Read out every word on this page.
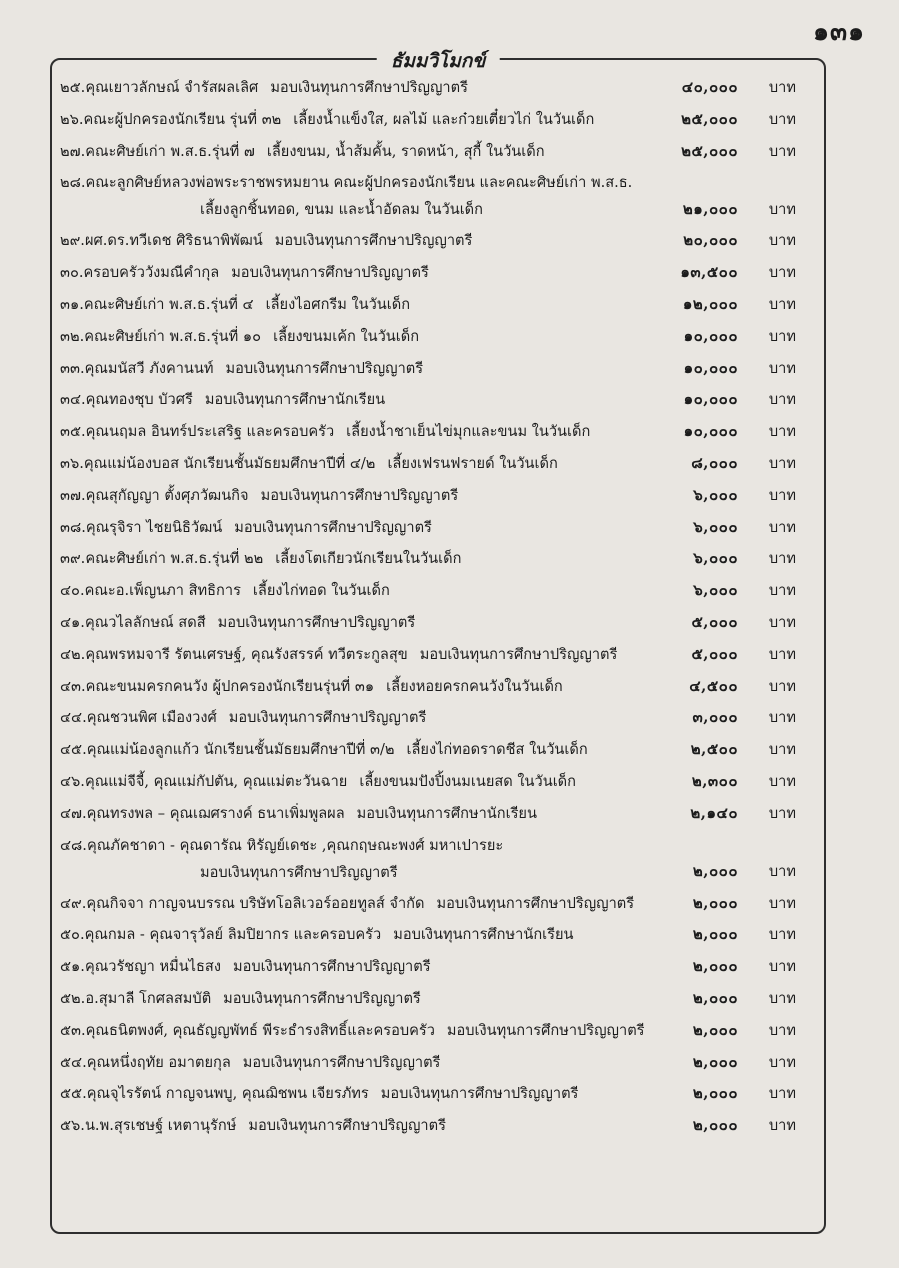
๑๓๑
ธัมมวิโมกข์
๒๕.คุณเยาวลักษณ์ จำรัสผลเลิศ มอบเงินทุนการศึกษาปริญญาตรี	๔๐,๐๐๐ บาท
๒๖.คณะผู้ปกครองนักเรียน รุ่นที่ ๓๒ เลี้ยงน้ำแข็งใส, ผลไม้ และก๋วยเตี๋ยวไก่ ในวันเด็ก	๒๕,๐๐๐ บาท
๒๗.คณะศิษย์เก่า พ.ส.ธ.รุ่นที่ ๗ เลี้ยงขนม, น้ำส้มคั้น, ราดหน้า, สุกี้ ในวันเด็ก	๒๕,๐๐๐ บาท
๒๘.คณะลูกศิษย์หลวงพ่อพระราชพรหมยาน คณะผู้ปกครองนักเรียน และคณะศิษย์เก่า พ.ส.ธ.
เลี้ยงลูกชิ้นทอด, ขนม และน้ำอัดลม ในวันเด็ก	๒๑,๐๐๐ บาท
๒๙.ผศ.ดร.ทวีเดช ศิริธนาพิพัฒน์ มอบเงินทุนการศึกษาปริญญาตรี	๒๐,๐๐๐ บาท
๓๐.ครอบครัววังมณีคำกุล มอบเงินทุนการศึกษาปริญญาตรี	๑๓,๕๐๐ บาท
๓๑.คณะศิษย์เก่า พ.ส.ธ.รุ่นที่ ๔ เลี้ยงไอศกรีม ในวันเด็ก	๑๒,๐๐๐ บาท
๓๒.คณะศิษย์เก่า พ.ส.ธ.รุ่นที่ ๑๐ เลี้ยงขนมเค้ก ในวันเด็ก	๑๐,๐๐๐ บาท
๓๓.คุณมนัสวี ภังคานนท์ มอบเงินทุนการศึกษาปริญญาตรี	๑๐,๐๐๐ บาท
๓๔.คุณทองชุบ บัวศรี มอบเงินทุนการศึกษานักเรียน	๑๐,๐๐๐ บาท
๓๕.คุณนฤมล อินทร์ประเสริฐ และครอบครัว เลี้ยงน้ำชาเย็นไข่มุกและขนม ในวันเด็ก	๑๐,๐๐๐ บาท
๓๖.คุณแม่น้องบอส นักเรียนชั้นมัธยมศึกษาปีที่ ๔/๒ เลี้ยงเฟรนฟรายด์ ในวันเด็ก	๘,๐๐๐ บาท
๓๗.คุณสุกัญญา ตั้งศุภวัฒนกิจ มอบเงินทุนการศึกษาปริญญาตรี	๖,๐๐๐ บาท
๓๘.คุณรุจิรา ไชยนิธิวัฒน์ มอบเงินทุนการศึกษาปริญญาตรี	๖,๐๐๐ บาท
๓๙.คณะศิษย์เก่า พ.ส.ธ.รุ่นที่ ๒๒ เลี้ยงโตเกียวนักเรียนในวันเด็ก	๖,๐๐๐ บาท
๔๐.คณะอ.เพ็ญนภา สิทธิการ เลี้ยงไก่ทอด ในวันเด็ก	๖,๐๐๐ บาท
๔๑.คุณวไลลักษณ์ สดสี มอบเงินทุนการศึกษาปริญญาตรี	๕,๐๐๐ บาท
๔๒.คุณพรหมจารี รัตนเศรษฐ์, คุณรังสรรค์ ทวีตระกูลสุข มอบเงินทุนการศึกษาปริญญาตรี	๕,๐๐๐ บาท
๔๓.คณะขนมครกคนวัง ผู้ปกครองนักเรียนรุ่นที่ ๓๑ เลี้ยงหอยครกคนวังในวันเด็ก	๔,๕๐๐ บาท
๔๔.คุณชวนพิศ เมืองวงศ์ มอบเงินทุนการศึกษาปริญญาตรี	๓,๐๐๐ บาท
๔๕.คุณแม่น้องลูกแก้ว นักเรียนชั้นมัธยมศึกษาปีที่ ๓/๒ เลี้ยงไก่ทอดราดชีส ในวันเด็ก	๒,๕๐๐ บาท
๔๖.คุณแม่จีจี้, คุณแม่กัปตัน, คุณแม่ตะวันฉาย เลี้ยงขนมปังปิ้งนมเนยสด ในวันเด็ก	๒,๓๐๐ บาท
๔๗.คุณทรงพล – คุณเฌศรางค์ ธนาเพิ่มพูลผล มอบเงินทุนการศึกษานักเรียน	๒,๑๔๐ บาท
๔๘.คุณภัคชาดา - คุณดารัณ หิรัญย์เดชะ ,คุณกฤษณะพงศ์ มหาเปารยะ
มอบเงินทุนการศึกษาปริญญาตรี	๒,๐๐๐ บาท
๔๙.คุณกิจจา กาญจนบรรณ บริษัทโอลิเวอร์ออยทูลส์ จำกัด มอบเงินทุนการศึกษาปริญญาตรี	๒,๐๐๐ บาท
๕๐.คุณกมล - คุณจารุวัลย์ ลิมปิยากร และครอบครัว มอบเงินทุนการศึกษานักเรียน	๒,๐๐๐ บาท
๕๑.คุณวรัชญา หมื่นไธสง มอบเงินทุนการศึกษาปริญญาตรี	๒,๐๐๐ บาท
๕๒.อ.สุมาลี โกศลสมบัติ มอบเงินทุนการศึกษาปริญญาตรี	๒,๐๐๐ บาท
๕๓.คุณธนิตพงศ์, คุณธัญญพัทธ์ พีระธำรงสิทธิ์และครอบครัว มอบเงินทุนการศึกษาปริญญาตรี	๒,๐๐๐ บาท
๕๔.คุณหนึ่งฤทัย อมาตยกุล มอบเงินทุนการศึกษาปริญญาตรี	๒,๐๐๐ บาท
๕๕.คุณจุไรรัตน์ กาญจนพบู, คุณฌิชพน เจียรภัทร มอบเงินทุนการศึกษาปริญญาตรี	๒,๐๐๐ บาท
๕๖.น.พ.สุรเชษฐ์ เหตานุรักษ์ มอบเงินทุนการศึกษาปริญญาตรี	๒,๐๐๐ บาท
